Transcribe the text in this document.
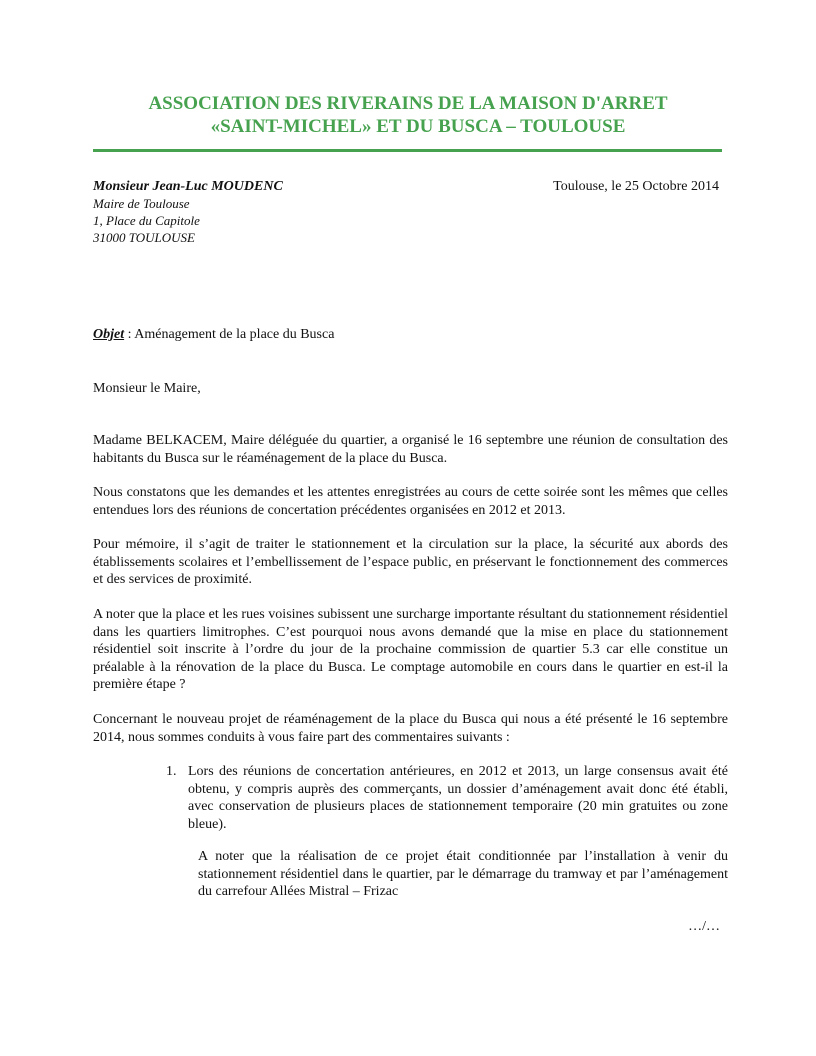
ASSOCIATION DES RIVERAINS DE LA MAISON D'ARRET
«SAINT-MICHEL» ET DU BUSCA – TOULOUSE
Monsieur Jean-Luc MOUDENC
Maire de Toulouse
1, Place du Capitole
31000 TOULOUSE
Toulouse, le 25 Octobre 2014
Objet : Aménagement de la place du Busca
Monsieur le Maire,

Madame BELKACEM, Maire déléguée du quartier, a organisé le 16 septembre une réunion de consultation des habitants du Busca sur le réaménagement de la place du Busca.

Nous constatons que les demandes et les attentes enregistrées au cours de cette soirée sont les mêmes que celles entendues lors des réunions de concertation précédentes organisées en 2012 et 2013.

Pour mémoire, il s’agit de traiter le stationnement et la circulation sur la place, la sécurité aux abords des établissements scolaires et l’embellissement de l’espace public, en préservant le fonctionnement des commerces et des services de proximité.

A noter que la place et les rues voisines subissent une surcharge importante résultant du stationnement résidentiel dans les quartiers limitrophes. C’est pourquoi nous avons demandé que la mise en place du stationnement résidentiel soit inscrite à l’ordre du jour de la prochaine commission de quartier 5.3 car elle constitue un préalable à la rénovation de la place du Busca. Le comptage automobile en cours dans le quartier en est-il la première étape ?

Concernant le nouveau projet de réaménagement de la place du Busca qui nous a été présenté le 16 septembre 2014, nous sommes conduits à vous faire part des commentaires suivants :

1. Lors des réunions de concertation antérieures, en 2012 et 2013, un large consensus avait été obtenu, y compris auprès des commerçants, un dossier d’aménagement avait donc été établi, avec conservation de plusieurs places de stationnement temporaire (20 min gratuites ou zone bleue).

A noter que la réalisation de ce projet était conditionnée par l’installation à venir du stationnement résidentiel dans le quartier, par le démarrage du tramway et par l’aménagement du carrefour Allées Mistral – Frizac

…/…
